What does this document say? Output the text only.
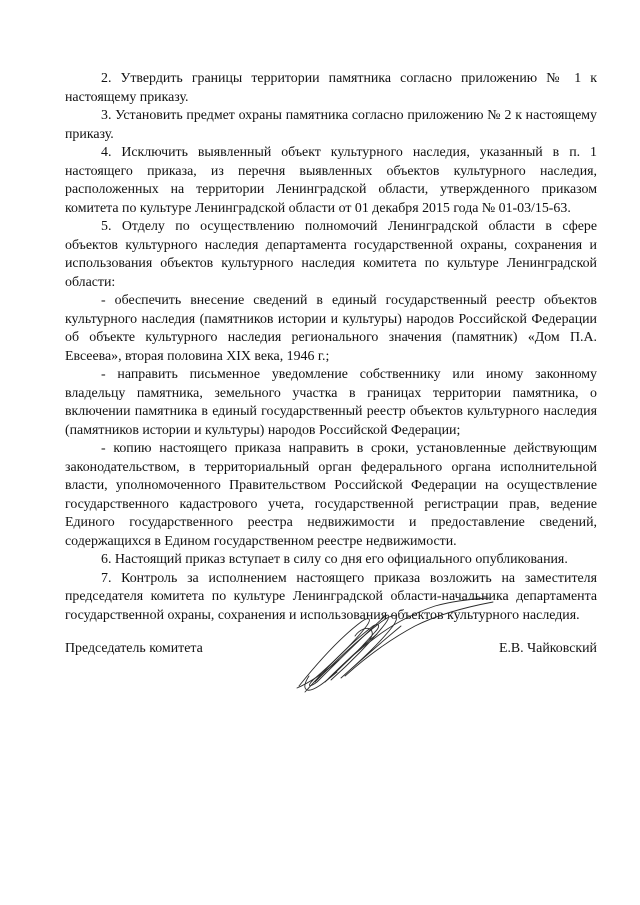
2. Утвердить границы территории памятника согласно приложению № 1 к настоящему приказу.

3. Установить предмет охраны памятника согласно приложению № 2 к настоящему приказу.

4. Исключить выявленный объект культурного наследия, указанный в п. 1 настоящего приказа, из перечня выявленных объектов культурного наследия, расположенных на территории Ленинградской области, утвержденного приказом комитета по культуре Ленинградской области от 01 декабря 2015 года № 01-03/15-63.

5. Отделу по осуществлению полномочий Ленинградской области в сфере объектов культурного наследия департамента государственной охраны, сохранения и использования объектов культурного наследия комитета по культуре Ленинградской области:

- обеспечить внесение сведений в единый государственный реестр объектов культурного наследия (памятников истории и культуры) народов Российской Федерации об объекте культурного наследия регионального значения (памятник) «Дом П.А. Евсеева», вторая половина XIX века, 1946 г.;

- направить письменное уведомление собственнику или иному законному владельцу памятника, земельного участка в границах территории памятника, о включении памятника в единый государственный реестр объектов культурного наследия (памятников истории и культуры) народов Российской Федерации;

- копию настоящего приказа направить в сроки, установленные действующим законодательством, в территориальный орган федерального органа исполнительной власти, уполномоченного Правительством Российской Федерации на осуществление государственного кадастрового учета, государственной регистрации прав, ведение Единого государственного реестра недвижимости и предоставление сведений, содержащихся в Едином государственном реестре недвижимости.

6. Настоящий приказ вступает в силу со дня его официального опубликования.

7. Контроль за исполнением настоящего приказа возложить на заместителя председателя комитета по культуре Ленинградской области-начальника департамента государственной охраны, сохранения и использования объектов культурного наследия.

Председатель комитета	Е.В. Чайковский
